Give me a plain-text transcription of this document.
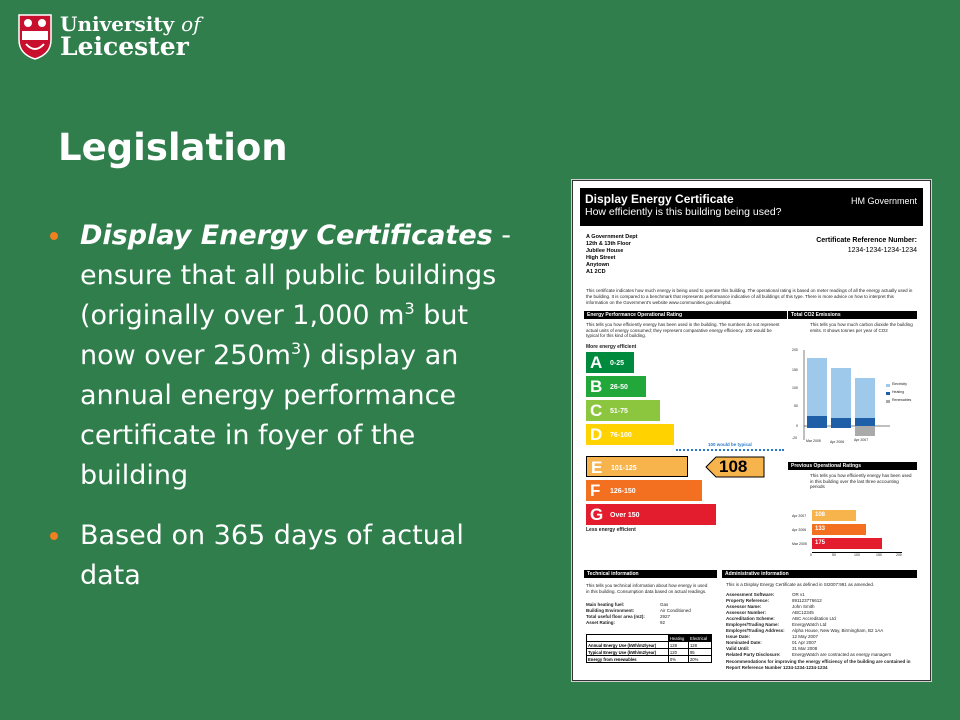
University of
Leicester
Legislation
Display Energy Certificates - ensure that all public buildings (originally over 1,000 $m^3$ but now over $250m^3$) display an annual energy performance certificate in foyer of the building
Based on 365 days of actual data
Display Energy Certificate
How efficiently is this building being used?
HM Government
A Government Dept
12th & 13th Floor
Jubilee House
High Street
Anytown
A1 2CD
Certificate Reference Number:
1234-1234-1234-1234
This certificate indicates how much energy is being used to operate this building. The operational rating is based on meter readings of all the energy actually used in the building. It is compared to a benchmark that represents performance indicative of all buildings of this type. There is more advice on how to interpret this information on the Government's website www.communities.gov.uk/epbd.
Energy Performance Operational Rating
This tells you how efficiently energy has been used in the building. The numbers do not represent actual units of energy consumed; they represent comparative energy efficiency. 100 would be typical for this kind of building.
More energy efficient
A 0-25
B 26-50
C 51-75
D 76-100
E 101-125
F 126-150
G Over 150
100 would be typical
108
Less energy efficient
Total CO2 Emissions
This tells you how much carbon dioxide the building emits. It shows tonnes per year of CO2
Electricity
Heating
Renewables
200
150
100
50
0
-20
Mar 2005	Apr 2006	Apr 2007
Previous Operational Ratings
This tells you how efficiently energy has been used in this building over the last three accounting periods
Apr 2007	108
Apr 2006	133
Mar 2005	175
0	50	100	150	200
Technical information
This tells you technical information about how energy is used in this building. Consumption data based on actual readings.
Main heating fuel:	Gas
Building Environment:	Air Conditioned
Total useful floor area (m2):	2927
Asset Rating:	92
	Heating	Electrical
Annual Energy Use (kWh/m2/year)	128	128
Typical Energy Use (kWh/m2/year)	120	95
Energy from renewables	0%	20%
Administrative information
This is a Display Energy Certificate as defined in SI2007:991 as amended.
Assessment Software:	OR v1
Property Reference:	891123776612
Assessor Name:	John Smith
Assessor Number:	ABC12345
Accreditation Scheme:	ABC Accreditation Ltd
Employer/Trading Name:	EnergyWatch Ltd
Employer/Trading Address: Alpha House, New Way, Birmingham, B2 1AA
Issue Date:	12 May 2007
Nominated Date:	01 Apr 2007
Valid Until:	31 Mar 2008
Related Party Disclosure:	EnergyWatch are contracted as energy managers
Recommendations for improving the energy efficiency of the building are contained in Report Reference Number 1234-1234-1234-1234
